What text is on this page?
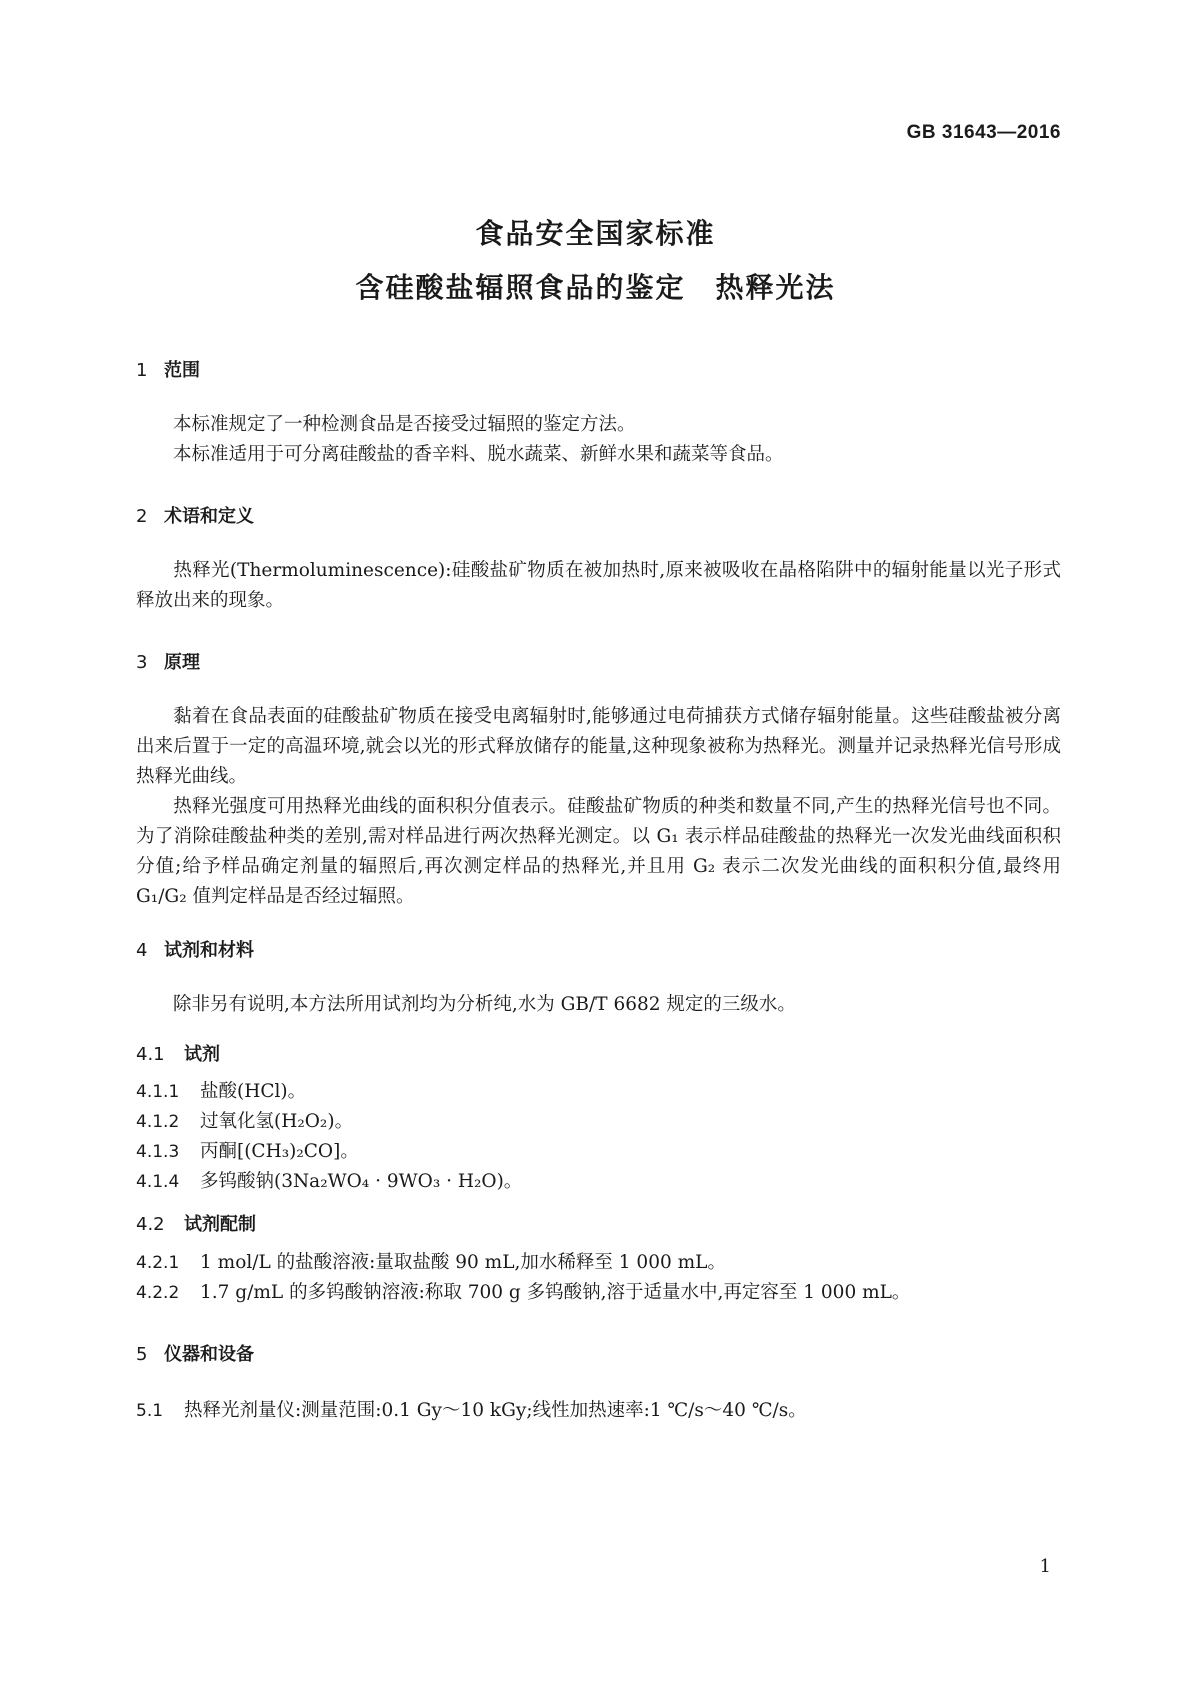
GB 31643—2016
食品安全国家标准
含硅酸盐辐照食品的鉴定　热释光法
1 范围
本标准规定了一种检测食品是否接受过辐照的鉴定方法。
本标准适用于可分离硅酸盐的香辛料、脱水蔬菜、新鲜水果和蔬菜等食品。
2 术语和定义
热释光(Thermoluminescence):硅酸盐矿物质在被加热时,原来被吸收在晶格陷阱中的辐射能量以光子形式释放出来的现象。
3 原理
黏着在食品表面的硅酸盐矿物质在接受电离辐射时,能够通过电荷捕获方式储存辐射能量。这些硅酸盐被分离出来后置于一定的高温环境,就会以光的形式释放储存的能量,这种现象被称为热释光。测量并记录热释光信号形成热释光曲线。
热释光强度可用热释光曲线的面积积分值表示。硅酸盐矿物质的种类和数量不同,产生的热释光信号也不同。为了消除硅酸盐种类的差别,需对样品进行两次热释光测定。以 G₁ 表示样品硅酸盐的热释光一次发光曲线面积积分值;给予样品确定剂量的辐照后,再次测定样品的热释光,并且用 G₂ 表示二次发光曲线的面积积分值,最终用 G₁/G₂ 值判定样品是否经过辐照。
4 试剂和材料
除非另有说明,本方法所用试剂均为分析纯,水为 GB/T 6682 规定的三级水。
4.1 试剂
4.1.1 盐酸(HCl)。
4.1.2 过氧化氢(H₂O₂)。
4.1.3 丙酮[(CH₃)₂CO]。
4.1.4 多钨酸钠(3Na₂WO₄ · 9WO₃ · H₂O)。
4.2 试剂配制
4.2.1 1 mol/L 的盐酸溶液:量取盐酸 90 mL,加水稀释至 1 000 mL。
4.2.2 1.7 g/mL 的多钨酸钠溶液:称取 700 g 多钨酸钠,溶于适量水中,再定容至 1 000 mL。
5 仪器和设备
5.1 热释光剂量仪:测量范围:0.1 Gy～10 kGy;线性加热速率:1 ℃/s～40 ℃/s。
1
